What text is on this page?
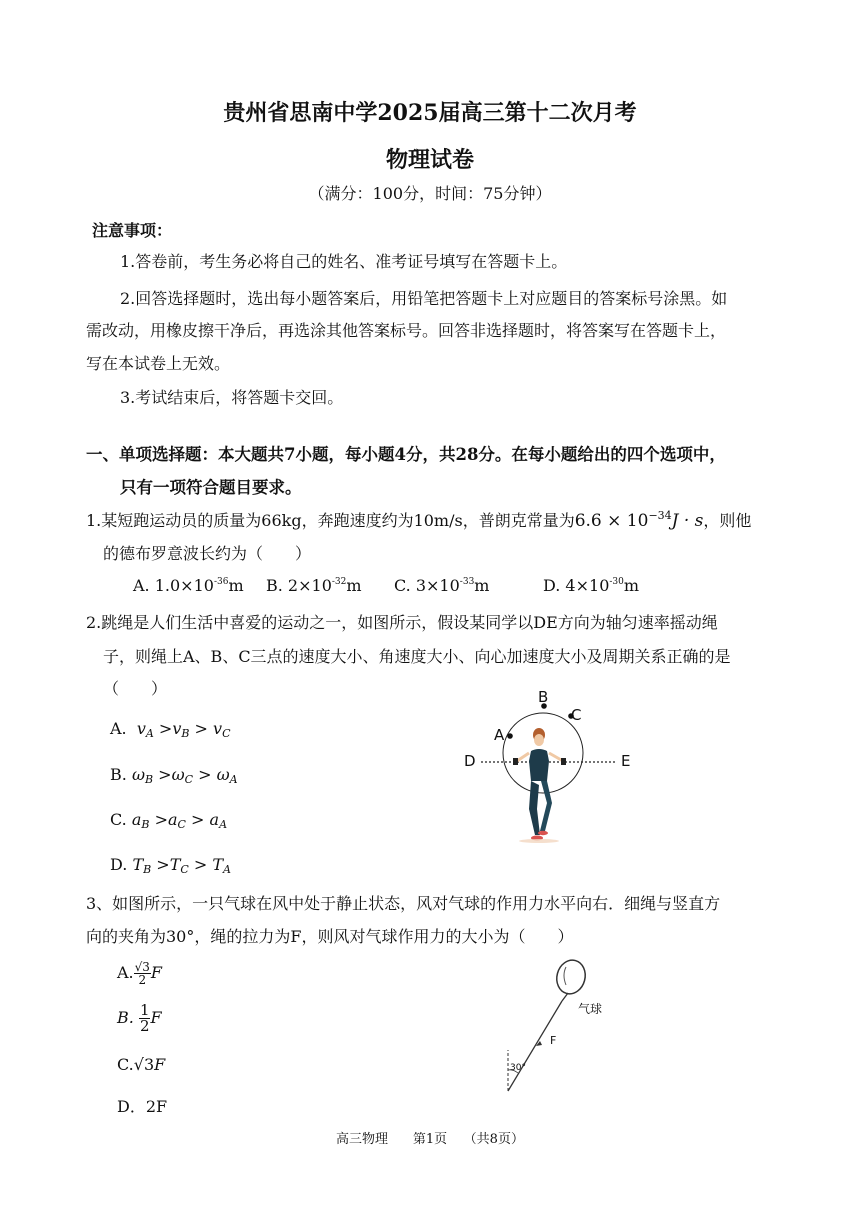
贵州省思南中学2025届高三第十二次月考
物理试卷
（满分：100分，时间：75分钟）
注意事项：
1.答卷前，考生务必将自己的姓名、准考证号填写在答题卡上。
2.回答选择题时，选出每小题答案后，用铅笔把答题卡上对应题目的答案标号涂黑。如
需改动，用橡皮擦干净后，再选涂其他答案标号。回答非选择题时，将答案写在答题卡上，
写在本试卷上无效。
3.考试结束后，将答题卡交回。
一、单项选择题：本大题共7小题，每小题4分，共28分。在每小题给出的四个选项中，
只有一项符合题目要求。
1.某短跑运动员的质量为66kg，奔跑速度约为10m/s，普朗克常量为$6.6 \times 10^{-34}J \cdot s$，则他
的德布罗意波长约为（　　）
A. $1.0\times 10^{-36}m$ B. $2\times 10^{-32}m$ C. $3\times 10^{-33}m$	D. $4\times 10^{-30}m$
2.跳绳是人们生活中喜爱的运动之一，如图所示，假设某同学以DE方向为轴匀速率摇动绳
子，则绳上A、B、C三点的速度大小、角速度大小、向心加速度大小及周期关系正确的是
（　　）
A. vA >vB > vC
B. ωB >ωC > ωA
C. aB >aC > aA
D. TB >TC > TA
B
C
A
D	E
3、如图所示，一只气球在风中处于静止状态，风对气球的作用力水平向右．细绳与竖直方
向的夹角为30°，绳的拉力为F，则风对气球作用力的大小为（　　）
A. $\frac{√3}{2}$ F
B. $\frac{1}{2}$ F
C.√3F
D．2F
气球
F
30°
高三物理 第1页 （共8页）
